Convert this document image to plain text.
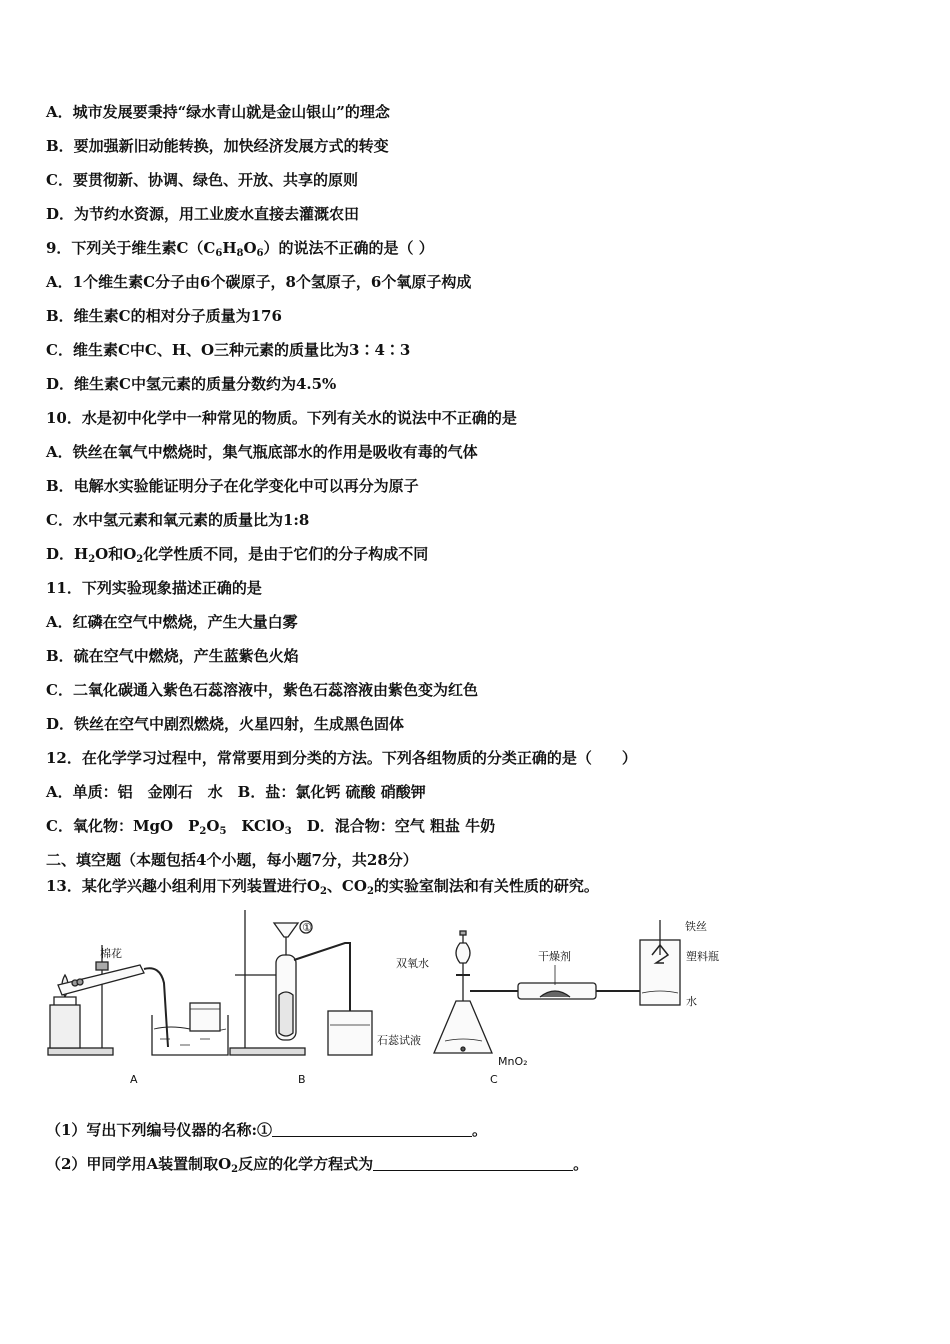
A．城市发展要秉持“绿水青山就是金山银山”的理念
B．要加强新旧动能转换，加快经济发展方式的转变
C．要贯彻新、协调、绿色、开放、共享的原则
D．为节约水资源，用工业废水直接去灌溉农田
9．下列关于维生素$C(C_6H_8O_6)$的说法不正确的是（ ）
A．1个维生素C分子由6个碳原子，8个氢原子，6个氧原子构成
B．维生素C的相对分子质量为176
C．维生素C中C、H、O三种元素的质量比为3∶4∶3
D．维生素C中氢元素的质量分数约为4.5%
10．水是初中化学中一种常见的物质。下列有关水的说法中不正确的是
A．铁丝在氧气中燃烧时，集气瓶底部水的作用是吸收有毒的气体
B．电解水实验能证明分子在化学变化中可以再分为原子
C．水中氢元素和氧元素的质量比为1:8
D．$H_2O$和$O_2$化学性质不同，是由于它们的分子构成不同
11．下列实验现象描述正确的是
A．红磷在空气中燃烧，产生大量白雾
B．硫在空气中燃烧，产生蓝紫色火焰
C．二氧化碳通入紫色石蕊溶液中，紫色石蕊溶液由紫色变为红色
D．铁丝在空气中剧烈燃烧，火星四射，生成黑色固体
12．在化学学习过程中，常常要用到分类的方法。下列各组物质的分类正确的是（　　）
A．单质：铝　金刚石　水　B．盐：氯化钙 硫酸 硝酸钾
C．氧化物：MgO　$P_2O_5$　KClO$_3$　D．混合物：空气 粗盐 牛奶
二、填空题（本题包括4个小题，每小题7分，共28分）
13．某化学兴趣小组利用下列装置进行$O_2$、$CO_2$的实验室制法和有关性质的研究。
棉花
A
①
石蕊试液
B
MnO₂
双氧水
干燥剂
铁丝
塑料瓶
水
C
（1）写出下列编号仪器的名称:①	。
（2）甲同学用A装置制取$O_2$反应的化学方程式为	。
